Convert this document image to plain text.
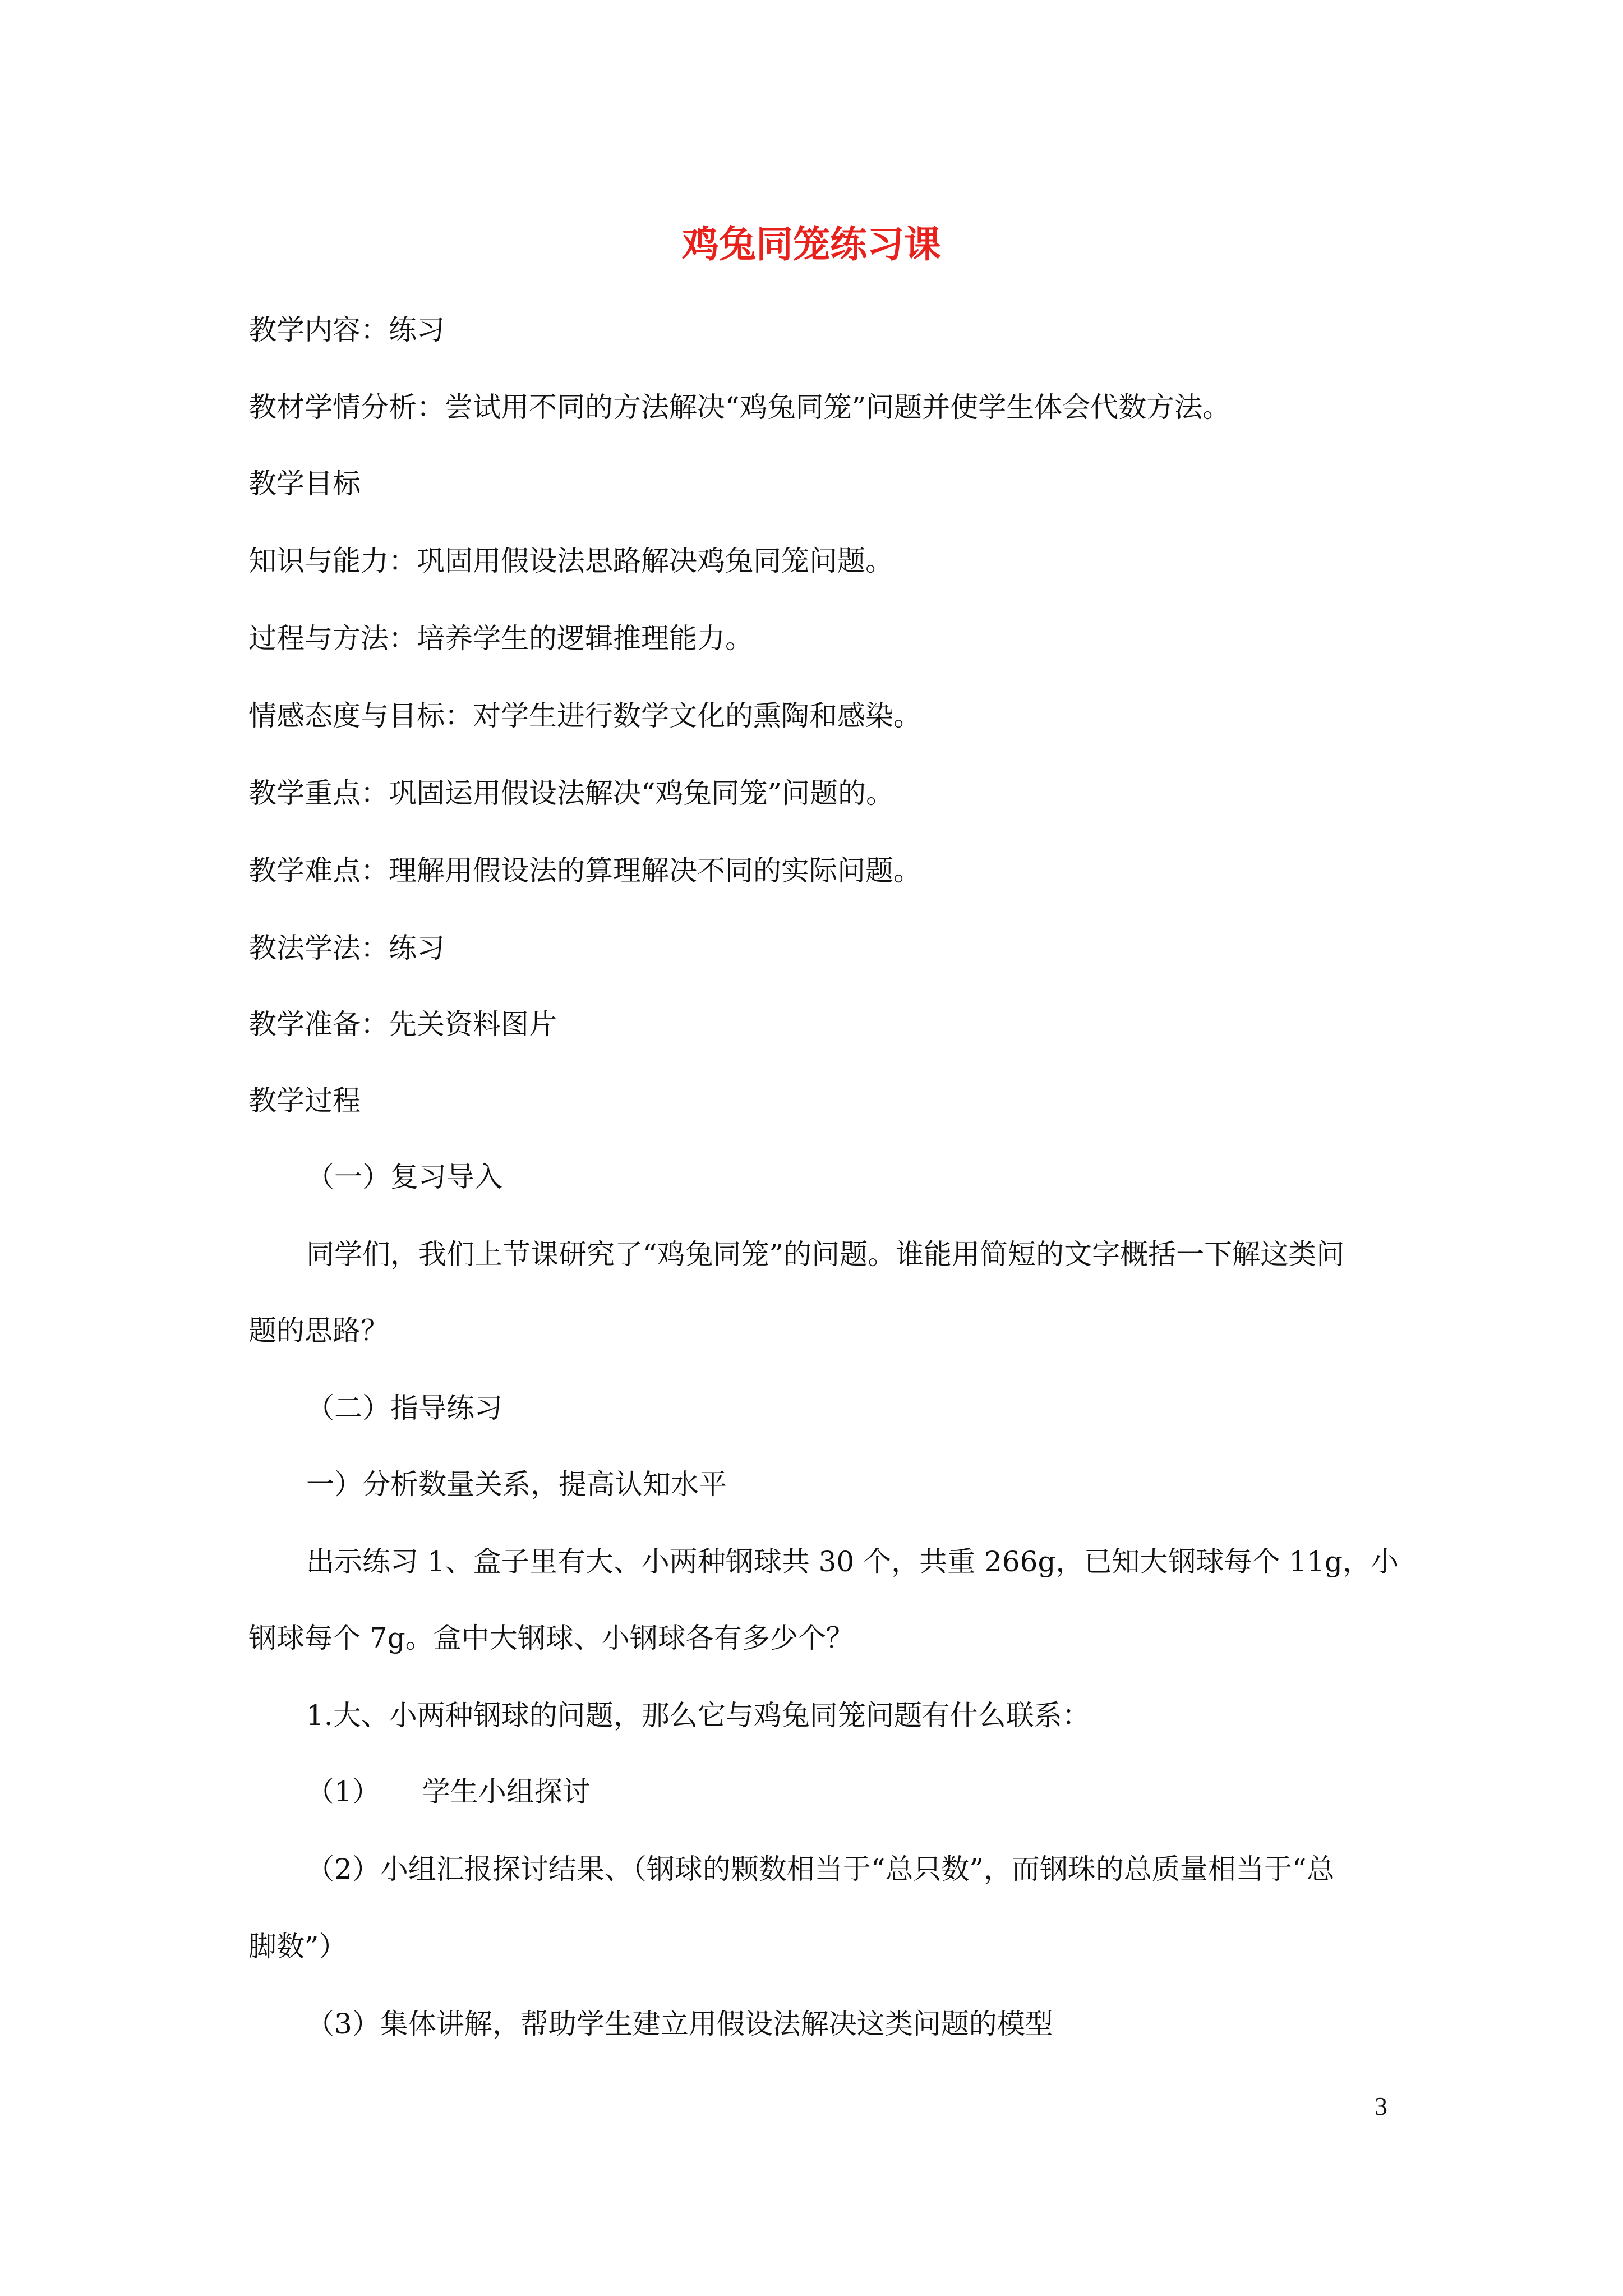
鸡兔同笼练习课

教学内容：练习

教材学情分析：尝试用不同的方法解决“鸡兔同笼”问题并使学生体会代数方法。

教学目标

知识与能力：巩固用假设法思路解决鸡兔同笼问题。

过程与方法：培养学生的逻辑推理能力。

情感态度与目标：对学生进行数学文化的熏陶和感染。

教学重点：巩固运用假设法解决“鸡兔同笼”问题的。

教学难点：理解用假设法的算理解决不同的实际问题。

教法学法：练习

教学准备：先关资料图片

教学过程

（一）复习导入

同学们，我们上节课研究了“鸡兔同笼”的问题。谁能用简短的文字概括一下解这类问

题的思路？

（二）指导练习

一）分析数量关系，提高认知水平

出示练习 1、盒子里有大、小两种钢球共 30 个，共重 266g，已知大钢球每个 11g，小

钢球每个 7g。盒中大钢球、小钢球各有多少个？

1.大、小两种钢球的问题，那么它与鸡兔同笼问题有什么联系：

（1）　　学生小组探讨

（2）小组汇报探讨结果、（钢球的颗数相当于“总只数”，而钢珠的总质量相当于“总

脚数”）

（3）集体讲解，帮助学生建立用假设法解决这类问题的模型

3
